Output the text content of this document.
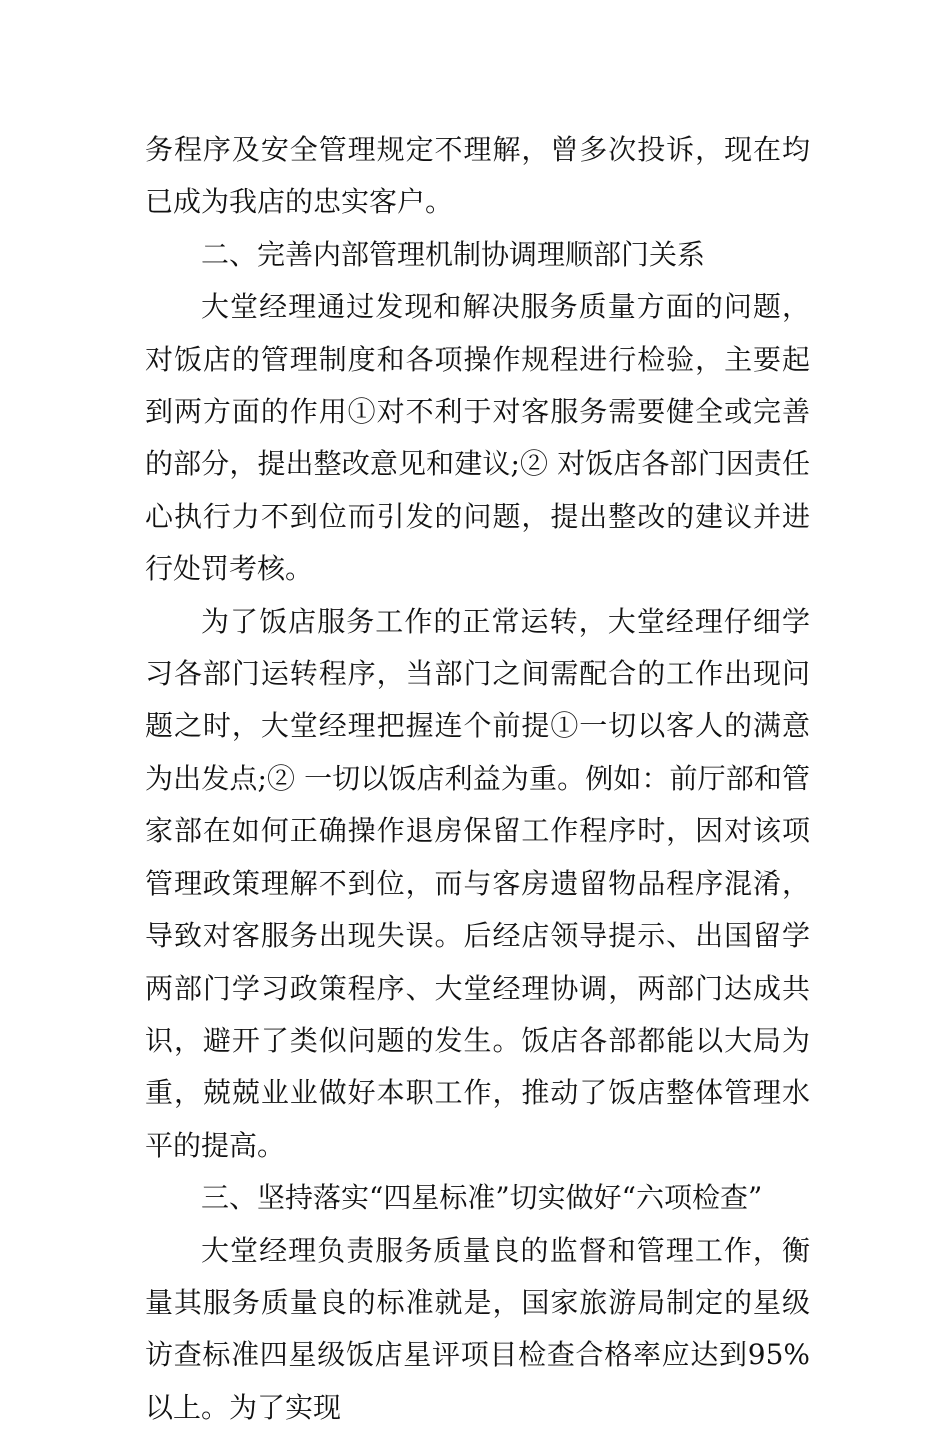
务程序及安全管理规定不理解，曾多次投诉，现在均已成为我店的忠实客户。

二、完善内部管理机制协调理顺部门关系

大堂经理通过发现和解决服务质量方面的问题，对饭店的管理制度和各项操作规程进行检验，主要起到两方面的作用①对不利于对客服务需要健全或完善的部分，提出整改意见和建议;② 对饭店各部门因责任心执行力不到位而引发的问题，提出整改的建议并进行处罚考核。

为了饭店服务工作的正常运转，大堂经理仔细学习各部门运转程序，当部门之间需配合的工作出现问题之时，大堂经理把握连个前提①一切以客人的满意为出发点;② 一切以饭店利益为重。例如：前厅部和管家部在如何正确操作退房保留工作程序时，因对该项管理政策理解不到位，而与客房遗留物品程序混淆，导致对客服务出现失误。后经店领导提示、出国留学两部门学习政策程序、大堂经理协调，两部门达成共识，避开了类似问题的发生。饭店各部都能以大局为重，兢兢业业做好本职工作，推动了饭店整体管理水平的提高。

三、坚持落实“四星标准”切实做好“六项检查”

大堂经理负责服务质量良的监督和管理工作，衡量其服务质量良的标准就是，国家旅游局制定的星级访查标准四星级饭店星评项目检查合格率应达到95%以上。为了实现
